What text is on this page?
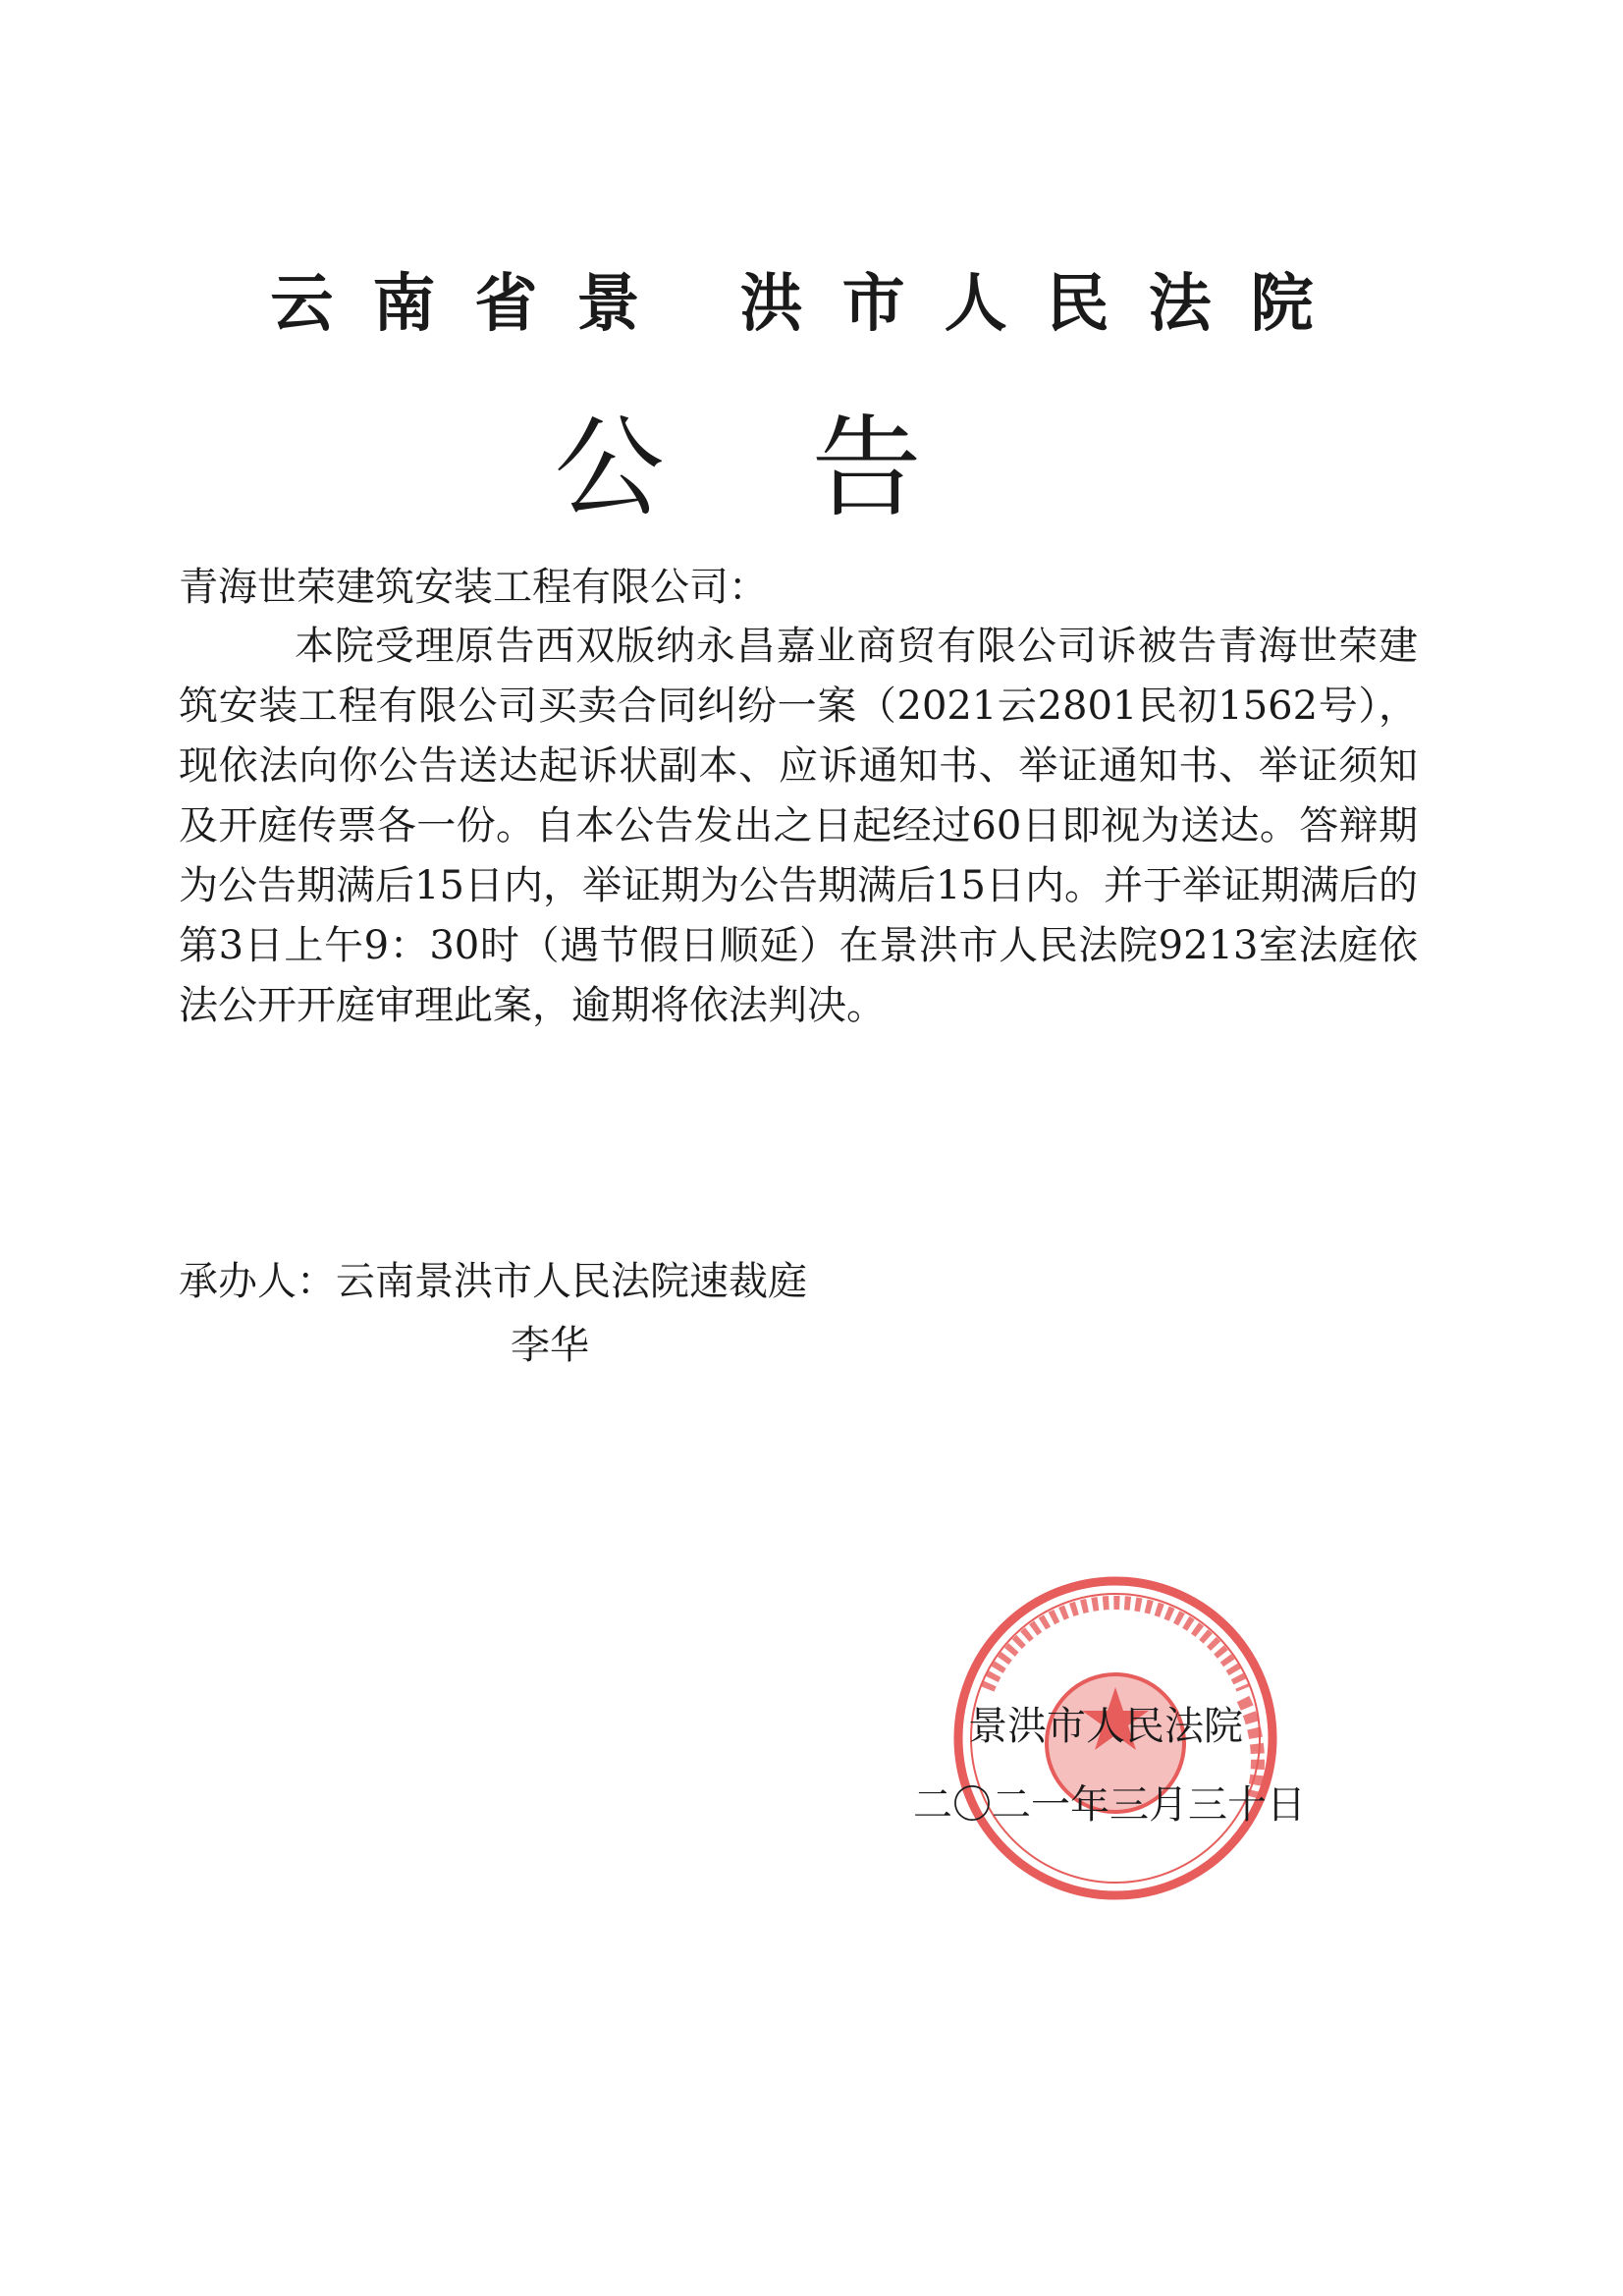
云南省景 洪市人民法院
公告
青海世荣建筑安装工程有限公司：

本院受理原告西双版纳永昌嘉业商贸有限公司诉被告青海世荣建筑安装工程有限公司买卖合同纠纷一案（2021云2801民初1562号），现依法向你公告送达起诉状副本、应诉通知书、举证通知书、举证须知及开庭传票各一份。自本公告发出之日起经过60日即视为送达。答辩期为公告期满后15日内，举证期为公告期满后15日内。并于举证期满后的第3日上午9：30时（遇节假日顺延）在景洪市人民法院9213室法庭依法公开开庭审理此案，逾期将依法判决。

承办人：云南景洪市人民法院速裁庭
李华
景洪市人民法院
二〇二一年三月三十日
